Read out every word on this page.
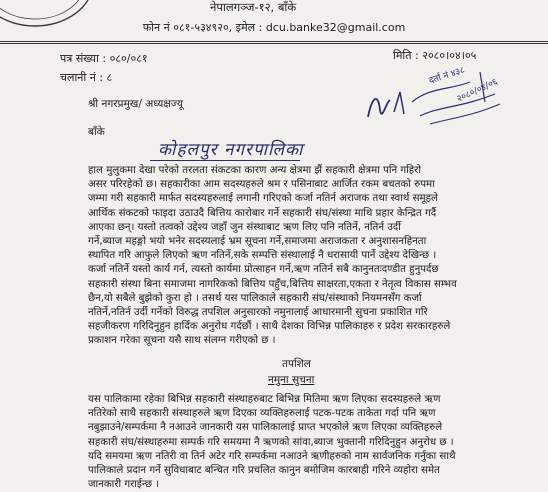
नेपालगञ्ज-१२, बाँके
फोन नं ०८१-५३४९२०, इमेल : dcu.banke32@gmail.com
पत्र संख्या : ०८०/०८१	मिति : २०८०।०४।०५
चलानी नं : ८	दर्ता नं ४३८
२०८०/०४/०६
श्री नगरप्रमुख/ अध्यक्षज्यू
बाँके
कोहलपुर नगरपालिका
हाल मुलुकमा देखा परेको तरलता संकटका कारण अन्य क्षेत्रमा झैं सहकारी क्षेत्रमा पनि गहिरो
असर परिरहेको छ। सहकारीका आम सदस्यहरुले श्रम र पसिनाबाट आर्जित रकम बचतको रुपमा
जम्मा गरी सहकारी मार्फत सदस्यहरुलाई लगानी गरिएको कर्जा नतिर्न अराजक तथा स्वार्थ समूहले
आर्थिक संकटको फाइदा उठाउदै बित्तिय कारोबार गर्ने सहकारी संघ/संस्था माथि प्रहार केन्द्रित गर्दै
आएका छन्। यस्तो तत्वको उद्देश्य जहाँ जुन संस्थाबाट ऋण लिए पनि नतिर्ने, नतिर्न उर्दी
गर्ने,ब्याज महङ्गो भयो भनेर सदस्यलाई भ्रम सूचना गर्ने,समाजमा अराजकता र अनुशासनहिनता
स्थापित गरि आफुले लिएको ऋण नतिर्ने,सके सम्पत्ति संस्थालाई नै धरासायी पार्ने उद्देश्य देखिन्छ ।
कर्जा नतिर्ने यस्तो कार्य गर्न, त्यस्तो कार्यमा प्रोत्साहन गर्ने,ऋण नतिर्न सबै कानुनतःदण्डीत हुनुपर्दछ
सहकारी संस्था बिना समाजमा नागरिकको बित्तिय पहुँच,बित्तिय साक्षरता,एकता र नेतृत्व विकास सम्भव
छैन,यो सबैले बुझेको कुरा हो । तसर्थ यस पालिकाले सहकारी संघ/संस्थाको नियमनसँग कर्जा
नतिर्ने,नतिर्न उर्दी गर्नेको विरुद्ध तपशिल अनुसारको नमुनालाई आधारमानी सुचना प्रकाशित गरि
सहजीकरण गरिदिनुहुन हार्दिक अनुरोध गर्दछौं । साथै देशका विभिन्न पालिकाहरु र प्रदेश सरकारहरुले
प्रकाशन गरेका सूचना यसै साथ संलग्न गरीएको छ ।
तपशिल
नमुना सुचना
यस पालिकामा रहेका बिभिन्न सहकारी संस्थाहरुबाट बिभिन्न मितिमा ऋण लिएका सदस्यहरुले ऋण
नतिरेको साथै सहकारी संस्थाहरुले ऋण दिएका व्यक्तिहरुलाई पटक-पटक ताकेता गर्दा पनि ऋण
नबुझाउने/सम्पर्कमा नै नआउने जानकारी यस पालिकालाई प्राप्त भएकोले ऋण लिएका व्यक्तिहरुले
सहकारी संघ/संस्थाहरुमा सम्पर्क गरि समयमा नै ऋणको सांवा,ब्याज भुक्तानी गरिदिनुहुन अनुरोध छ ।
यदि समयमा ऋण नतिरी वा तिर्न अटेर गरि सम्पर्कमा नआउने ऋणीहरुको नाम सार्वजनिक गर्नुका साथै
पालिकाले प्रदान गर्ने सुविधाबाट बन्चित गरि प्रचलित कानुन बमोजिम कारबाही गरिने व्यहोरा समेत
जानकारी गराईन्छ ।
